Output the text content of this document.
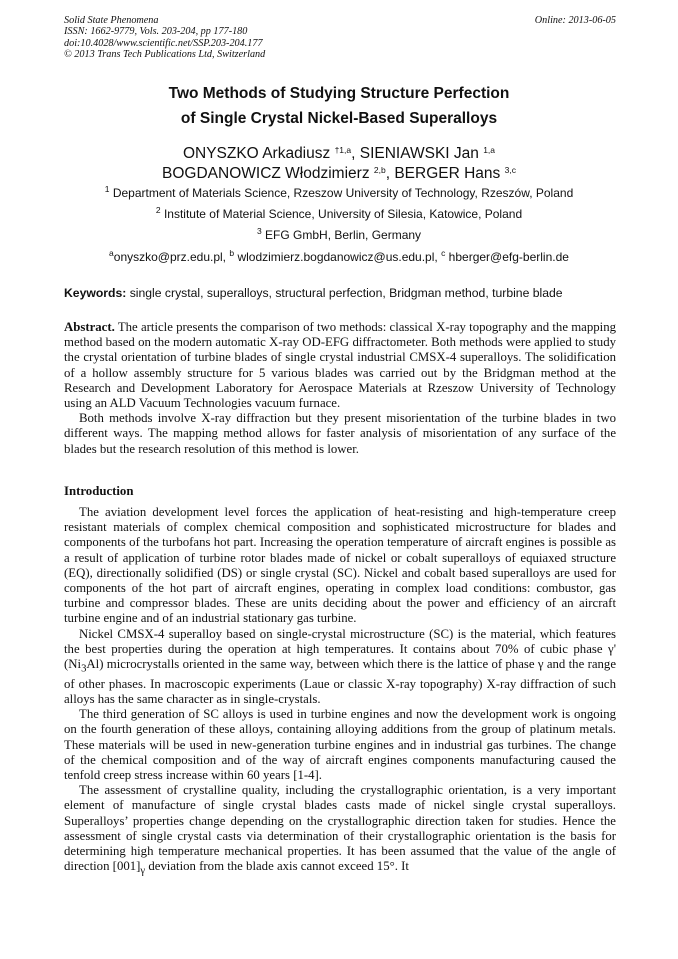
Solid State Phenomena
ISSN: 1662-9779, Vols. 203-204, pp 177-180
doi:10.4028/www.scientific.net/SSP.203-204.177
© 2013 Trans Tech Publications Ltd, Switzerland
Online: 2013-06-05
Two Methods of Studying Structure Perfection
of Single Crystal Nickel-Based Superalloys
ONYSZKO Arkadiusz $^{\dagger 1,a}$, SIENIAWSKI Jan $^{1,a}$
BOGDANOWICZ Włodzimierz $^{2,b}$, BERGER Hans $^{3,c}$
$^1$ Department of Materials Science, Rzeszow University of Technology, Rzeszów, Poland
$^2$ Institute of Material Science, University of Silesia, Katowice, Poland
$^3$ EFG GmbH, Berlin, Germany
$^a$onyszko@prz.edu.pl, $^b$ wlodzimierz.bogdanowicz@us.edu.pl, $^c$ hberger@efg-berlin.de
Keywords: single crystal, superalloys, structural perfection, Bridgman method, turbine blade

Abstract. The article presents the comparison of two methods: classical X-ray topography and the mapping method based on the modern automatic X-ray OD-EFG diffractometer. Both methods were applied to study the crystal orientation of turbine blades of single crystal industrial CMSX-4 superalloys. The solidification of a hollow assembly structure for 5 various blades was carried out by the Bridgman method at the Research and Development Laboratory for Aerospace Materials at Rzeszow University of Technology using an ALD Vacuum Technologies vacuum furnace.

Both methods involve X-ray diffraction but they present misorientation of the turbine blades in two different ways. The mapping method allows for faster analysis of misorientation of any surface of the blades but the research resolution of this method is lower.

Introduction

The aviation development level forces the application of heat-resisting and high-temperature creep resistant materials of complex chemical composition and sophisticated microstructure for blades and components of the turbofans hot part. Increasing the operation temperature of aircraft engines is possible as a result of application of turbine rotor blades made of nickel or cobalt superalloys of equiaxed structure (EQ), directionally solidified (DS) or single crystal (SC). Nickel and cobalt based superalloys are used for components of the hot part of aircraft engines, operating in complex load conditions: combustor, gas turbine and compressor blades. These are units deciding about the power and efficiency of an aircraft turbine engine and of an industrial stationary gas turbine.

Nickel CMSX-4 superalloy based on single-crystal microstructure (SC) is the material, which features the best properties during the operation at high temperatures. It contains about 70% of cubic phase γ' $(Ni_3Al)$ microcrystalls oriented in the same way, between which there is the lattice of phase γ and the range of other phases. In macroscopic experiments (Laue or classic X-ray topography) X-ray diffraction of such alloys has the same character as in single-crystals.

The third generation of SC alloys is used in turbine engines and now the development work is ongoing on the fourth generation of these alloys, containing alloying additions from the group of platinum metals. These materials will be used in new-generation turbine engines and in industrial gas turbines. The change of the chemical composition and of the way of aircraft engines components manufacturing caused the tenfold creep stress increase within 60 years [1-4].

The assessment of crystalline quality, including the crystallographic orientation, is a very important element of manufacture of single crystal blades casts made of nickel single crystal superalloys. Superalloys’ properties change depending on the crystallographic direction taken for studies. Hence the assessment of single crystal casts via determination of their crystallographic orientation is the basis for determining high temperature mechanical properties. It has been assumed that the value of the angle of direction $[001]_\gamma$ deviation from the blade axis cannot exceed 15°. It
